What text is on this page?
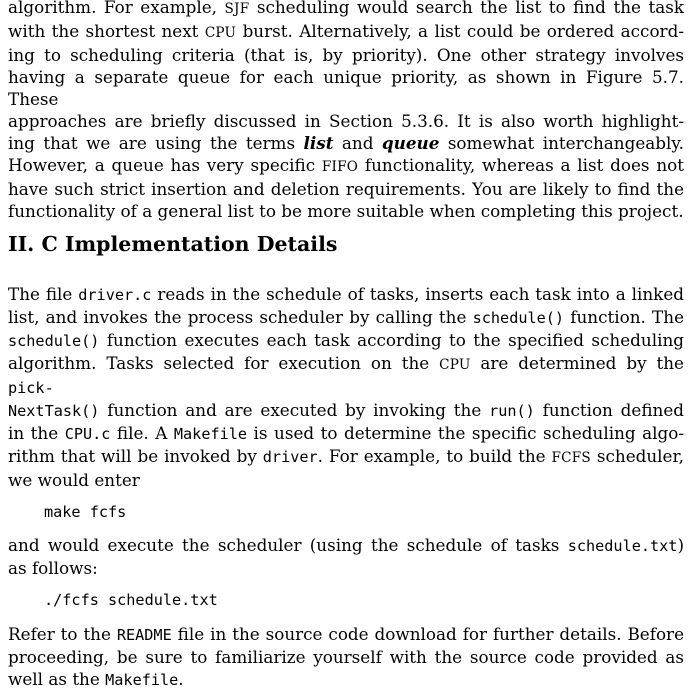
algorithm. For example, SJF scheduling would search the list to find the task
with the shortest next CPU burst. Alternatively, a list could be ordered accord-
ing to scheduling criteria (that is, by priority). One other strategy involves
having a separate queue for each unique priority, as shown in Figure 5.7. These
approaches are briefly discussed in Section 5.3.6. It is also worth highlight-
ing that we are using the terms list and queue somewhat interchangeably.
However, a queue has very specific FIFO functionality, whereas a list does not
have such strict insertion and deletion requirements. You are likely to find the
functionality of a general list to be more suitable when completing this project.

II. C Implementation Details

The file driver.c reads in the schedule of tasks, inserts each task into a linked
list, and invokes the process scheduler by calling the schedule() function. The
schedule() function executes each task according to the specified scheduling
algorithm. Tasks selected for execution on the CPU are determined by the pick-
NextTask() function and are executed by invoking the run() function defined
in the CPU.c file. A Makefile is used to determine the specific scheduling algo-
rithm that will be invoked by driver. For example, to build the FCFS scheduler,
we would enter

make fcfs

and would execute the scheduler (using the schedule of tasks schedule.txt)
as follows:

./fcfs schedule.txt

Refer to the README file in the source code download for further details. Before
proceeding, be sure to familiarize yourself with the source code provided as
well as the Makefile.
